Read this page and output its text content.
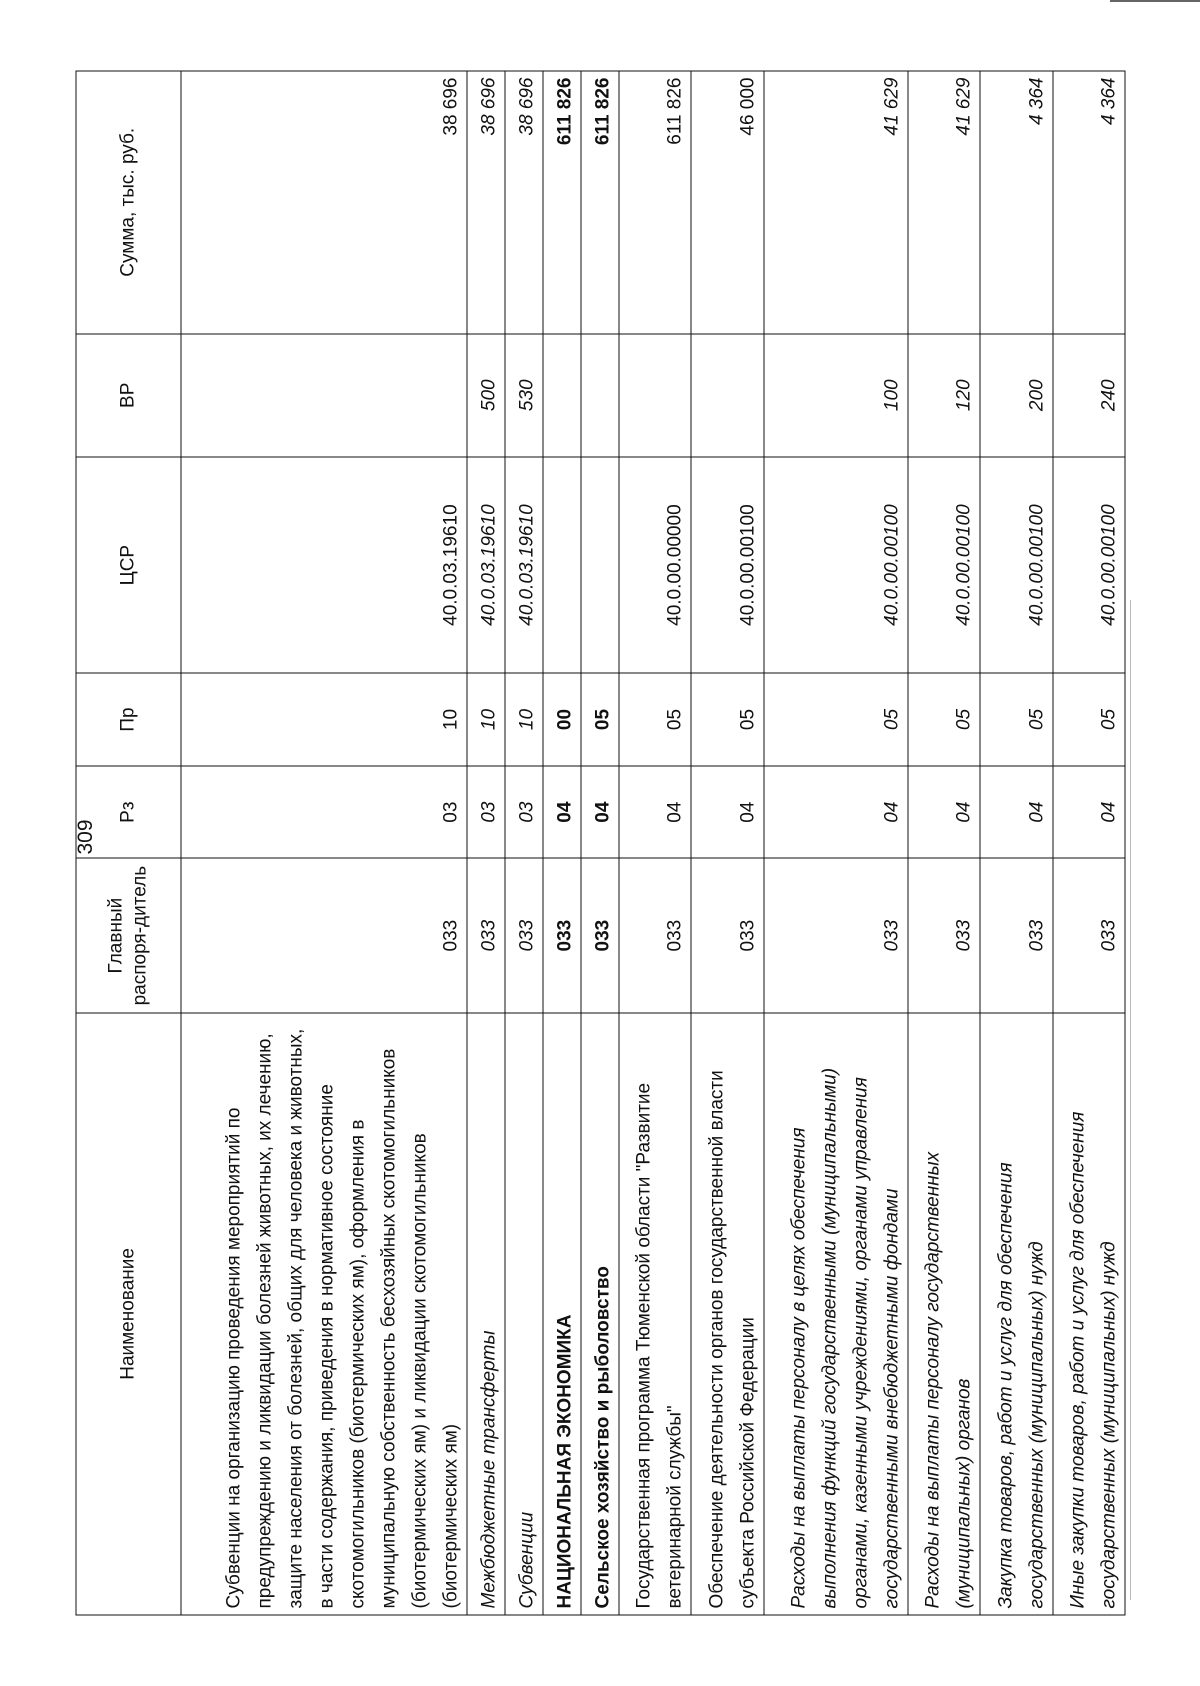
309
Наименование	Главный распоря-дитель	Рз	Пр	ЦСР	ВР	Сумма, тыс. руб.
Субвенции на организацию проведения мероприятий по предупреждению и ликвидации болезней животных, их лечению, защите населения от болезней, общих для человека и животных, в части содержания, приведения в нормативное состояние скотомогильников (биотермических ям), оформления в муниципальную собственность бесхозяйных скотомогильников (биотермических ям) и ликвидации скотомогильников (биотермических ям)	033	03	10	40.0.03.19610		38 696
Межбюджетные трансферты	033	03	10	40.0.03.19610	500	38 696
Субвенции	033	03	10	40.0.03.19610	530	38 696
НАЦИОНАЛЬНАЯ ЭКОНОМИКА	033	04	00			611 826
Сельское хозяйство и рыболовство	033	04	05			611 826
Государственная программа Тюменской области "Развитие ветеринарной службы"	033	04	05	40.0.00.00000		611 826
Обеспечение деятельности органов государственной власти субъекта Российской Федерации	033	04	05	40.0.00.00100		46 000
Расходы на выплаты персоналу в целях обеспечения выполнения функций государственными (муниципальными) органами, казенными учреждениями, органами управления государственными внебюджетными фондами	033	04	05	40.0.00.00100	100	41 629
Расходы на выплаты персоналу государственных (муниципальных) органов	033	04	05	40.0.00.00100	120	41 629
Закупка товаров, работ и услуг для обеспечения государственных (муниципальных) нужд	033	04	05	40.0.00.00100	200	4 364
Иные закупки товаров, работ и услуг для обеспечения государственных (муниципальных) нужд	033	04	05	40.0.00.00100	240	4 364
